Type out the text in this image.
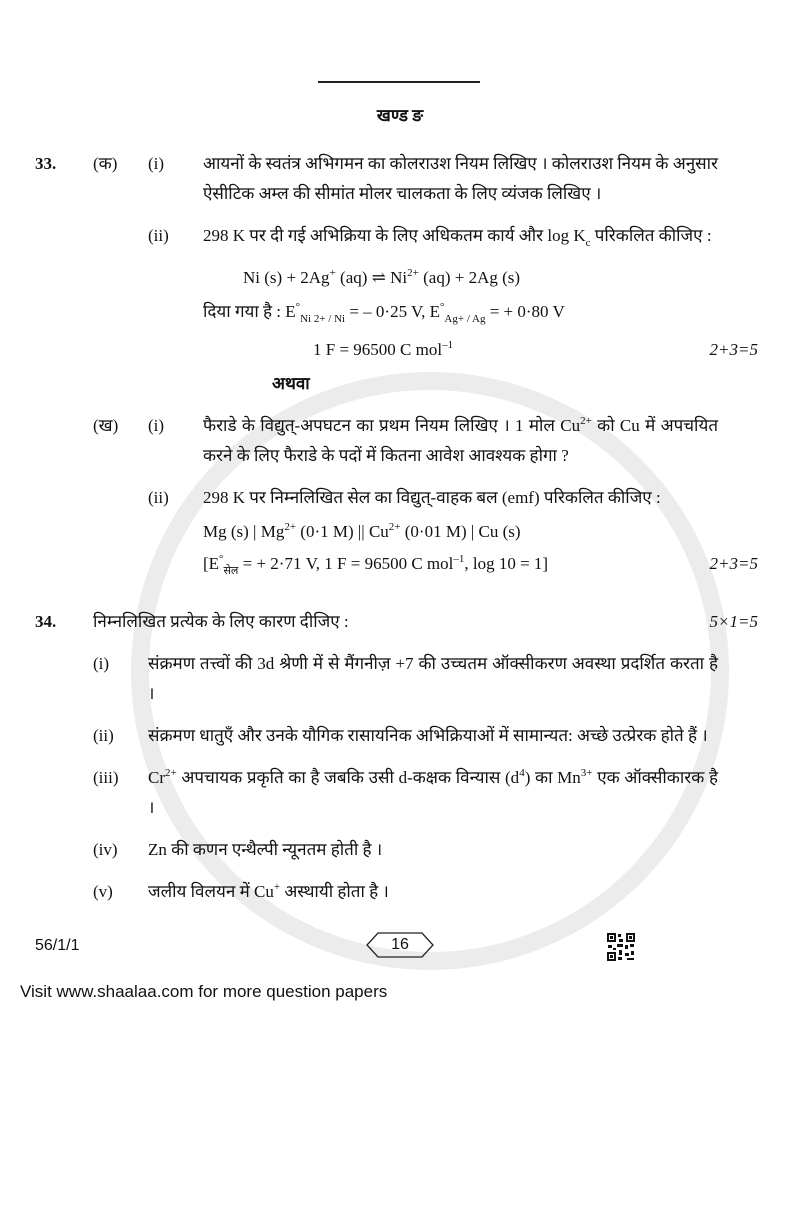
खण्ड ङ
33.	(क)	(i)	आयनों के स्वतंत्र अभिगमन का कोलराउश नियम लिखिए । कोलराउश नियम के अनुसार ऐसीटिक अम्ल की सीमांत मोलर चालकता के लिए व्यंजक लिखिए ।
(ii)	298 K पर दी गई अभिक्रिया के लिए अधिकतम कार्य और $\log K_c$ परिकलित कीजिए :
Ni (s) + 2Ag+ (aq) ⇌ $Ni^{2+}$ (aq) + 2Ag (s)
दिया गया है : $E^\circ_{Ni 2+ / Ni}$ = – 0·25 V, $E^\circ_{Ag+ / Ag}$ = + 0·80 V
1 F = 96500 C mol$^{-1}$	2+3=5
अथवा
(ख)	(i)	फैराडे के विद्युत्-अपघटन का प्रथम नियम लिखिए । 1 मोल $Cu^{2+}$ को Cu में अपचयित करने के लिए फैराडे के पदों में कितना आवेश आवश्यक होगा ?
(ii)	298 K पर निम्नलिखित सेल का विद्युत्-वाहक बल (emf) परिकलित कीजिए :
Mg (s) | $Mg^{2+}$ (0·1 M) || $Cu^{2+}$ (0·01 M) | Cu (s)
[$E^\circ_{सेल}$ = + 2·71 V, 1 F = 96500 C mol$^{-1}$, log 10 = 1]	2+3=5
34.	निम्नलिखित प्रत्येक के लिए कारण दीजिए :	5×1=5
(i)	संक्रमण तत्त्वों की 3d श्रेणी में से मैंगनीज़ +7 की उच्चतम ऑक्सीकरण अवस्था प्रदर्शित करता है ।
(ii)	संक्रमण धातुएँ और उनके यौगिक रासायनिक अभिक्रियाओं में सामान्यत: अच्छे उत्प्रेरक होते हैं ।
(iii)	$Cr^{2+}$ अपचायक प्रकृति का है जबकि उसी d-कक्षक विन्यास $(d^4)$ का $Mn^{3+}$ एक ऑक्सीकारक है ।
(iv)	Zn की कणन एन्थैल्पी न्यूनतम होती है ।
(v)	जलीय विलयन में Cu+ अस्थायी होता है ।
56/1/1	16
Visit www.shaalaa.com for more question papers
